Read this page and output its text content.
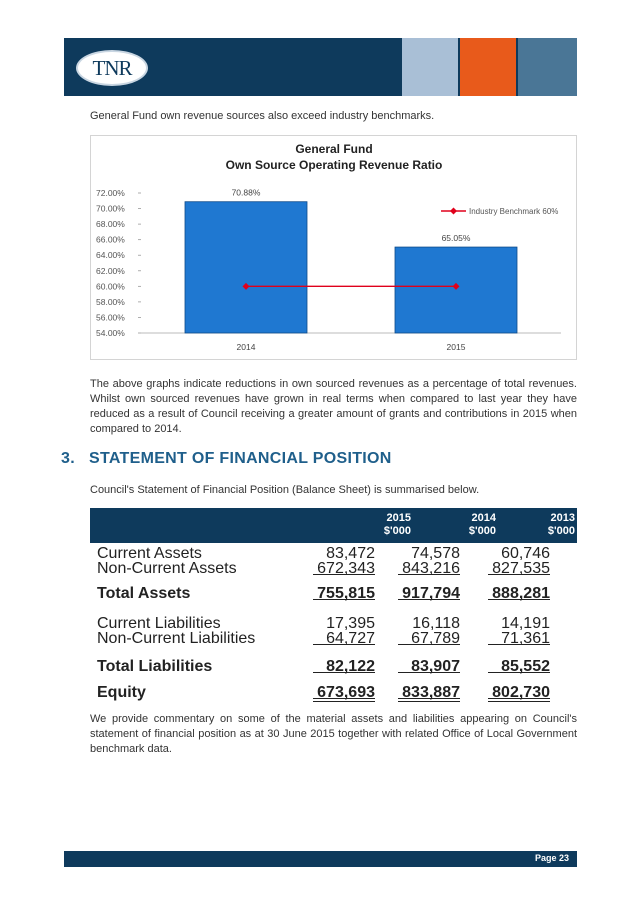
TNR
General Fund own revenue sources also exceed industry benchmarks.
General Fund
Own Source Operating Revenue Ratio
72.00%
70.00%
68.00%
66.00%
64.00%
62.00%
60.00%
58.00%
56.00%
54.00%
70.88%
2014
65.05%
2015
Industry Benchmark 60%
The above graphs indicate reductions in own sourced revenues as a percentage of total revenues. Whilst own sourced revenues have grown in real terms when compared to last year they have reduced as a result of Council receiving a greater amount of grants and contributions in 2015 when compared to 2014.
3. STATEMENT OF FINANCIAL POSITION
Council's Statement of Financial Position (Balance Sheet) is summarised below.
2015
$'000
2014
$'000
2013
$'000
Current Assets	83,472	74,578	60,746
Non-Current Assets	672,343 843,216 827,535
Total Assets	755,815 917,794 888,281
Current Liabilities	17,395	16,118	14,191
Non-Current Liabilities	64,727	67,789	71,361
Total Liabilities	82,122	83,907	85,552
Equity	673,693 833,887 802,730
We provide commentary on some of the material assets and liabilities appearing on Council's statement of financial position as at 30 June 2015 together with related Office of Local Government benchmark data.
Page 23
